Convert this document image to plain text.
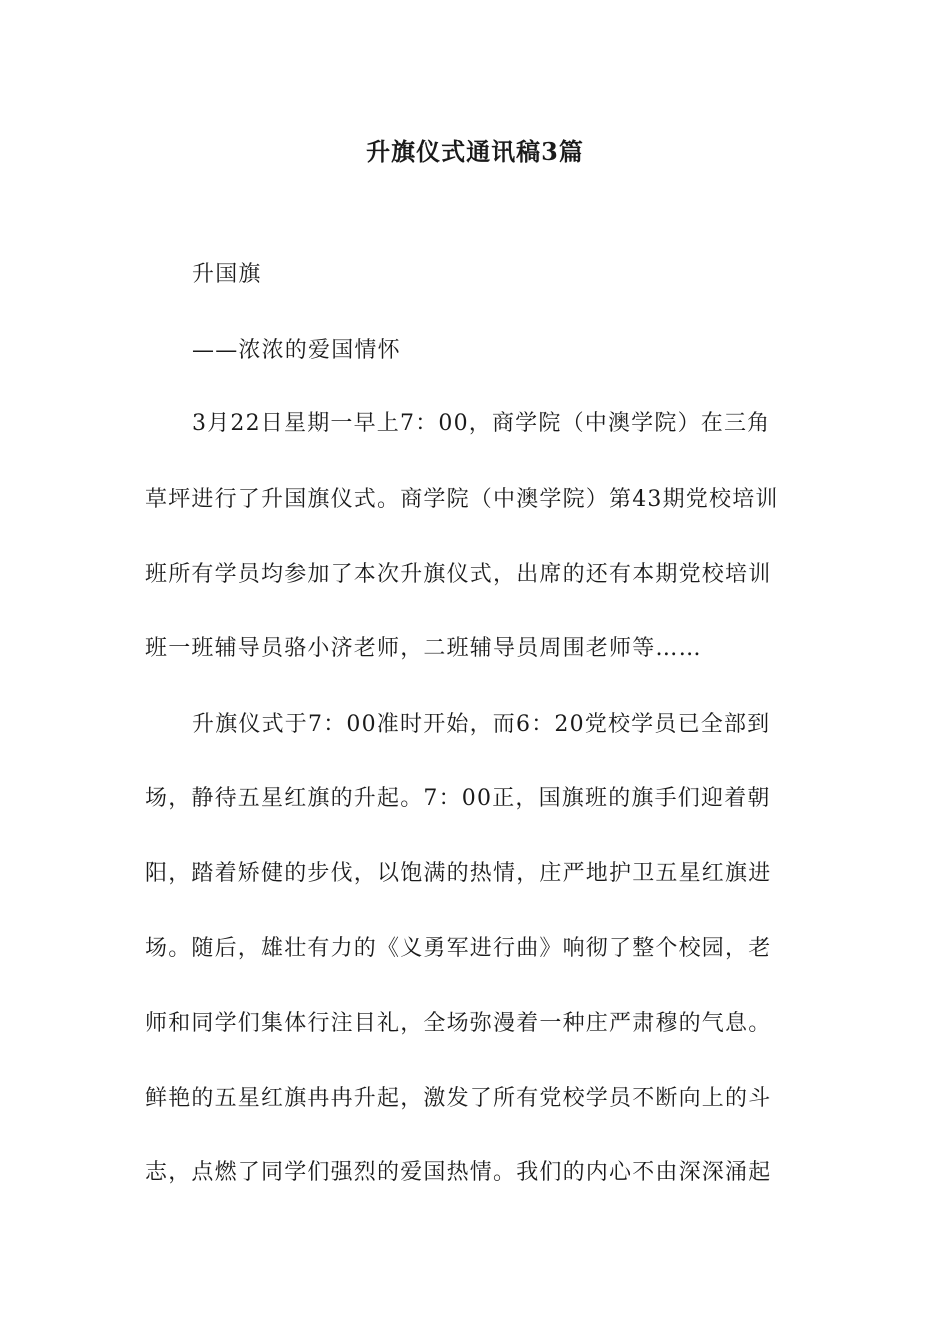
升旗仪式通讯稿3篇

升国旗

——浓浓的爱国情怀

3月22日星期一早上7：00，商学院（中澳学院）在三角

草坪进行了升国旗仪式。商学院（中澳学院）第43期党校培训

班所有学员均参加了本次升旗仪式，出席的还有本期党校培训

班一班辅导员骆小济老师，二班辅导员周围老师等……

升旗仪式于7：00准时开始，而6：20党校学员已全部到

场，静待五星红旗的升起。7：00正，国旗班的旗手们迎着朝

阳，踏着矫健的步伐，以饱满的热情，庄严地护卫五星红旗进

场。随后，雄壮有力的《义勇军进行曲》响彻了整个校园，老

师和同学们集体行注目礼，全场弥漫着一种庄严肃穆的气息。

鲜艳的五星红旗冉冉升起，激发了所有党校学员不断向上的斗

志，点燃了同学们强烈的爱国热情。我们的内心不由深深涌起
